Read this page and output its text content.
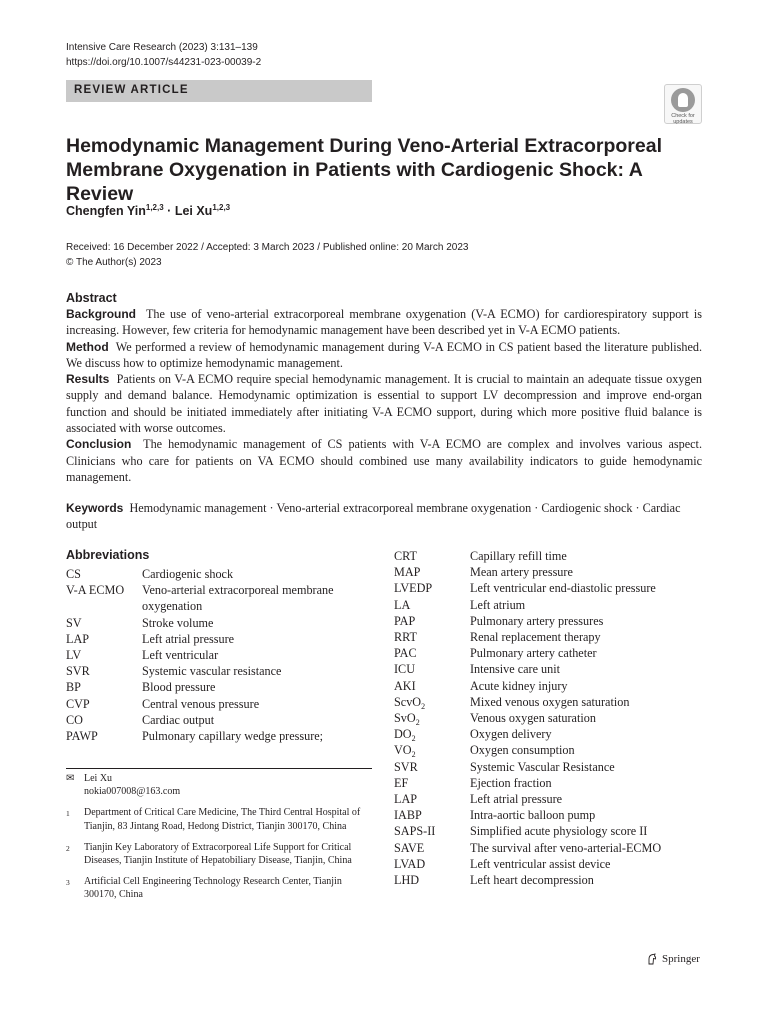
Intensive Care Research (2023) 3:131–139
https://doi.org/10.1007/s44231-023-00039-2
REVIEW ARTICLE
Check for updates
Hemodynamic Management During Veno-Arterial Extracorporeal Membrane Oxygenation in Patients with Cardiogenic Shock: A Review
Chengfen Yin$^{1,2,3}$ · Lei Xu$^{1,2,3}$
Received: 16 December 2022 / Accepted: 3 March 2023 / Published online: 20 March 2023
© The Author(s) 2023
Abstract

Background The use of veno-arterial extracorporeal membrane oxygenation (V-A ECMO) for cardiorespiratory support is increasing. However, few criteria for hemodynamic management have been described yet in V-A ECMO patients.

Method We performed a review of hemodynamic management during V-A ECMO in CS patient based the literature published. We discuss how to optimize hemodynamic management.

Results Patients on V-A ECMO require special hemodynamic management. It is crucial to maintain an adequate tissue oxygen supply and demand balance. Hemodynamic optimization is essential to support LV decompression and improve end-organ function and should be initiated immediately after initiating V-A ECMO support, during which more positive fluid balance is associated with worse outcomes.

Conclusion The hemodynamic management of CS patients with V-A ECMO are complex and involves various aspect. Clinicians who care for patients on VA ECMO should combined use many availability indicators to guide hemodynamic management.

Keywords Hemodynamic management · Veno-arterial extracorporeal membrane oxygenation · Cardiogenic shock · Cardiac output
Abbreviations
CS	Cardiogenic shock
V-A ECMO	Veno-arterial extracorporeal membrane oxygenation
SV	Stroke volume
LAP	Left atrial pressure
LV	Left ventricular
SVR	Systemic vascular resistance
BP	Blood pressure
CVP	Central venous pressure
CO	Cardiac output
PAWP	Pulmonary capillary wedge pressure;
CRT	Capillary refill time
MAP	Mean artery pressure
LVEDP	Left ventricular end-diastolic pressure
LA	Left atrium
PAP	Pulmonary artery pressures
RRT	Renal replacement therapy
PAC	Pulmonary artery catheter
ICU	Intensive care unit
AKI	Acute kidney injury
ScvO$_2$	Mixed venous oxygen saturation
SvO$_2$	Venous oxygen saturation
$DO_2$	Oxygen delivery
$VO_2$	Oxygen consumption
SVR	Systemic Vascular Resistance
EF	Ejection fraction
LAP	Left atrial pressure
IABP	Intra-aortic balloon pump
SAPS-II	Simplified acute physiology score II
SAVE	The survival after veno-arterial-ECMO
LVAD	Left ventricular assist device
LHD	Left heart decompression
✉ Lei Xu
nokia007008@163.com
1	Department of Critical Care Medicine, The Third Central Hospital of Tianjin, 83 Jintang Road, Hedong District, Tianjin 300170, China
2	Tianjin Key Laboratory of Extracorporeal Life Support for Critical Diseases, Tianjin Institute of Hepatobiliary Disease, Tianjin, China
3	Artificial Cell Engineering Technology Research Center, Tianjin 300170, China
Springer
